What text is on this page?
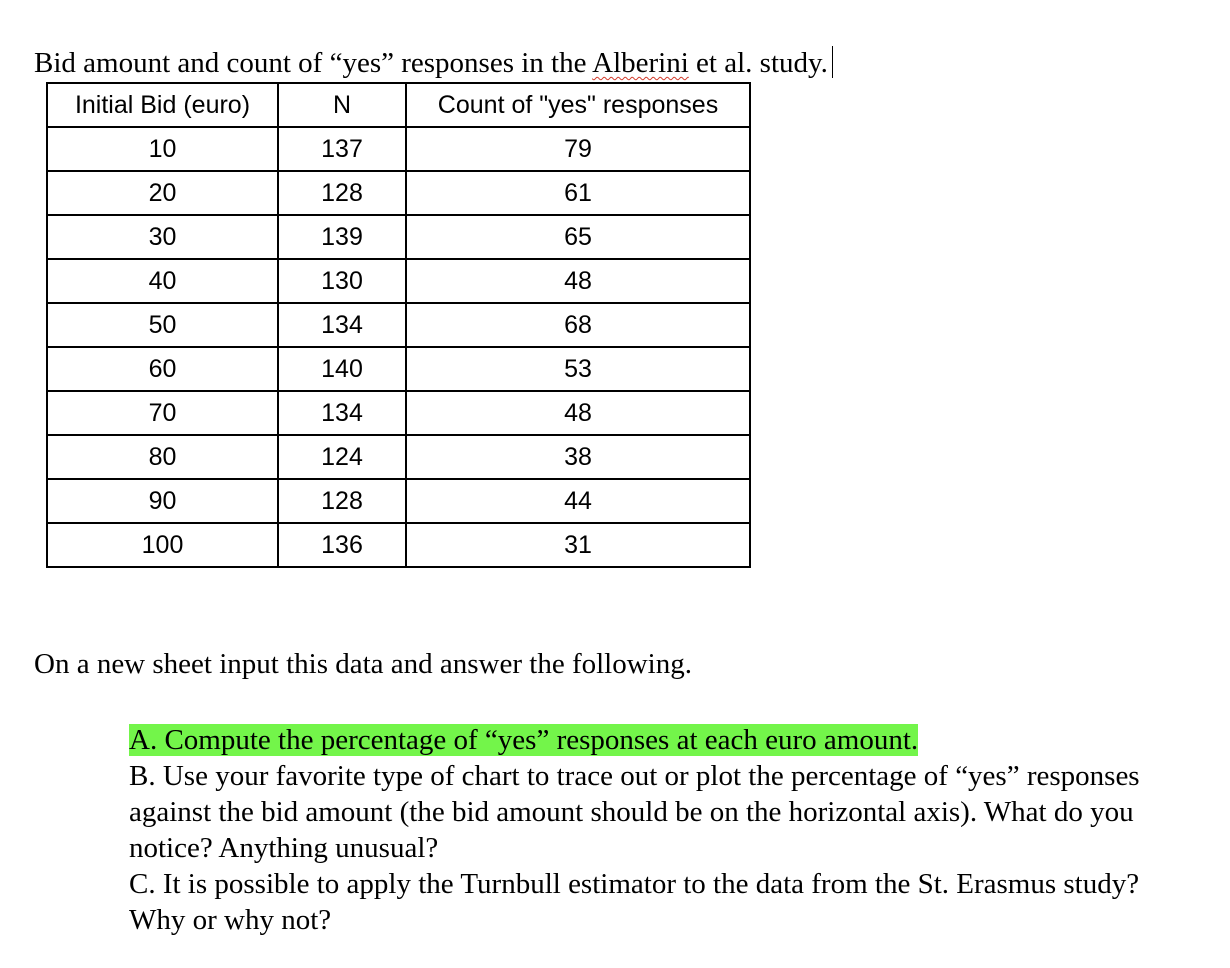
Bid amount and count of “yes” responses in the Alberini et al. study.
Initial Bid (euro)	N	Count of "yes" responses
10	137	79
20	128	61
30	139	65
40	130	48
50	134	68
60	140	53
70	134	48
80	124	38
90	128	44
100	136	31
On a new sheet input this data and answer the following.

A. Compute the percentage of “yes” responses at each euro amount.

B. Use your favorite type of chart to trace out or plot the percentage of “yes” responses against the bid amount (the bid amount should be on the horizontal axis). What do you notice? Anything unusual?

C. It is possible to apply the Turnbull estimator to the data from the St. Erasmus study? Why or why not?
